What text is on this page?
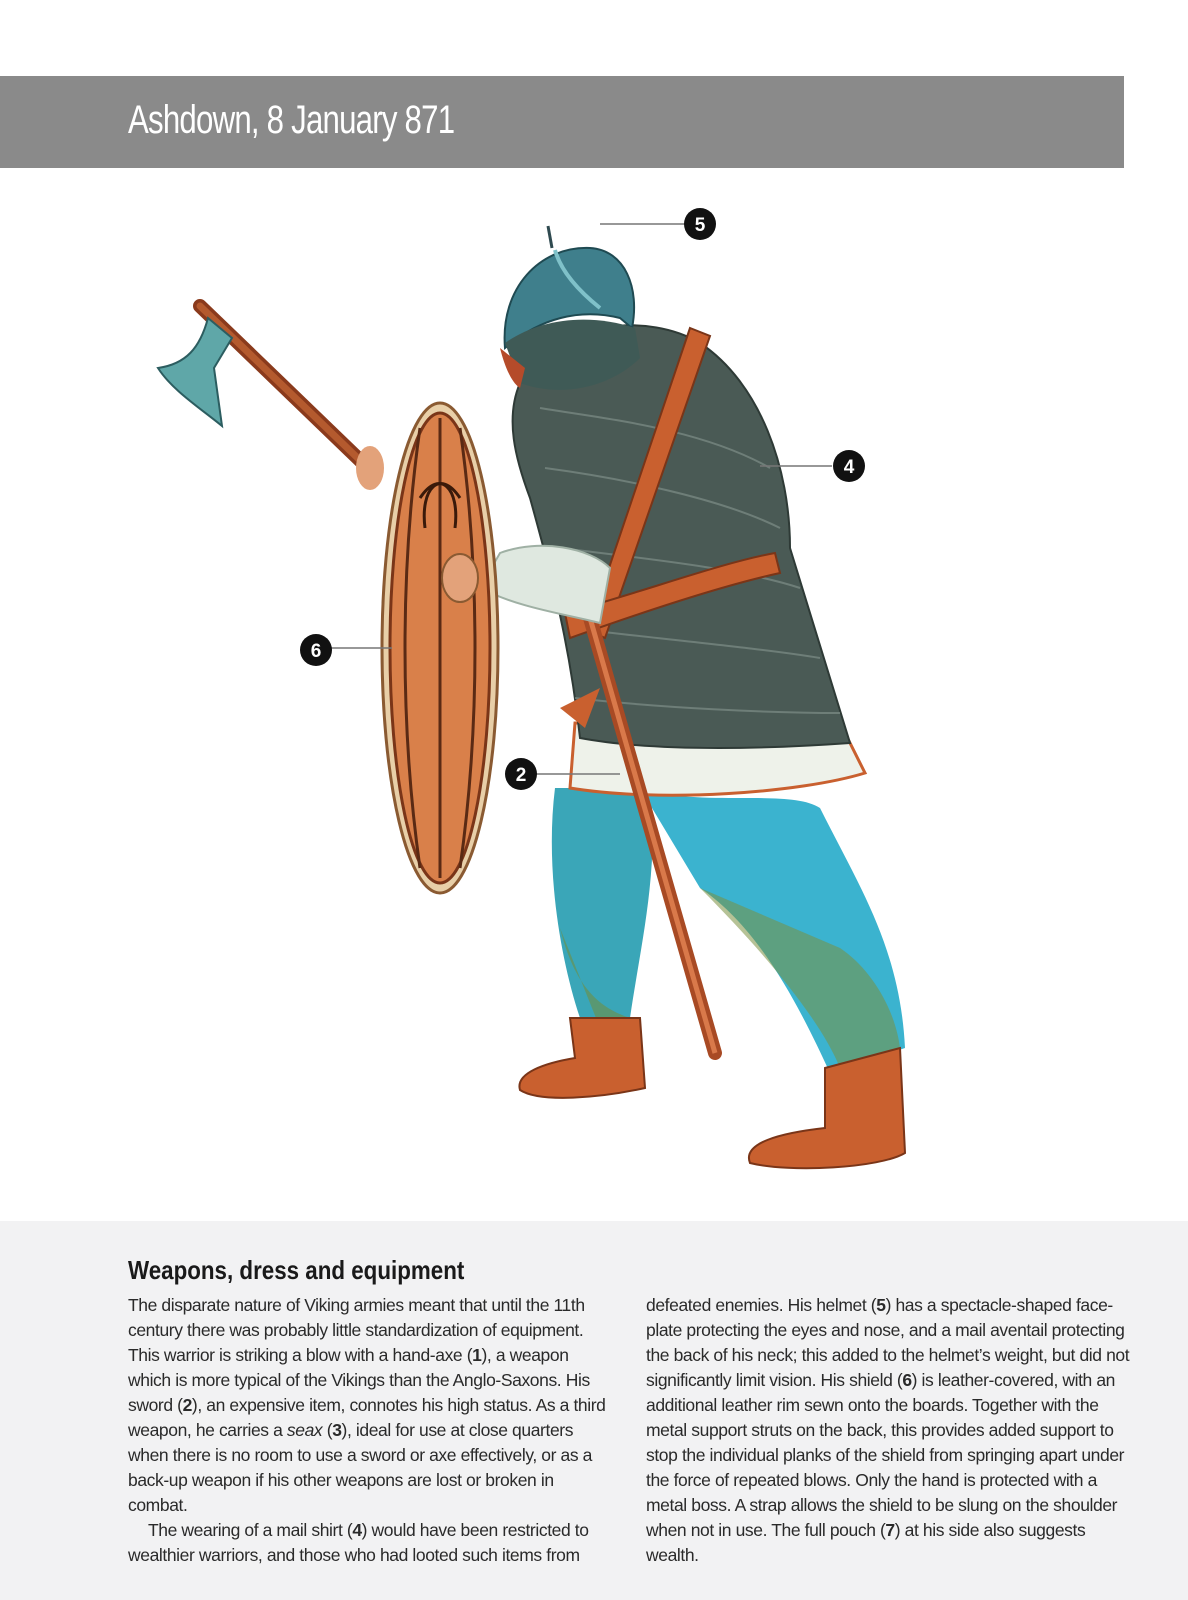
Ashdown, 8 January 871
5
4
6
2
Weapons, dress and equipment

The disparate nature of Viking armies meant that until the 11th century there was probably little standardization of equipment. This warrior is striking a blow with a hand-axe (1), a weapon which is more typical of the Vikings than the Anglo-Saxons. His sword (2), an expensive item, connotes his high status. As a third weapon, he carries a seax (3), ideal for use at close quarters when there is no room to use a sword or axe effectively, or as a back-up weapon if his other weapons are lost or broken in combat.

The wearing of a mail shirt (4) would have been restricted to wealthier warriors, and those who had looted such items from

defeated enemies. His helmet (5) has a spectacle-shaped face-plate protecting the eyes and nose, and a mail aventail protecting the back of his neck; this added to the helmet’s weight, but did not significantly limit vision. His shield (6) is leather-covered, with an additional leather rim sewn onto the boards. Together with the metal support struts on the back, this provides added support to stop the individual planks of the shield from springing apart under the force of repeated blows. Only the hand is protected with a metal boss. A strap allows the shield to be slung on the shoulder when not in use. The full pouch (7) at his side also suggests wealth.
